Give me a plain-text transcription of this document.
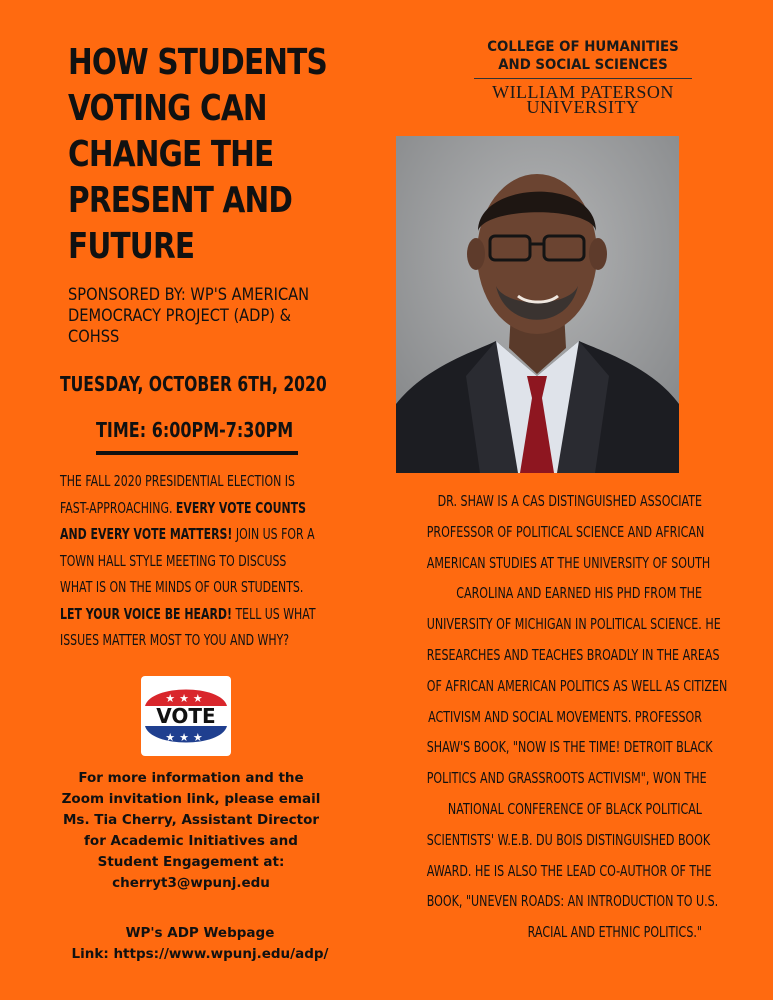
HOW STUDENTS
VOTING CAN
CHANGE THE
PRESENT AND
FUTURE
SPONSORED BY: WP'S AMERICAN
DEMOCRACY PROJECT (ADP) &
COHSS
TUESDAY, OCTOBER 6TH, 2020
TIME: 6:00PM-7:30PM
THE FALL 2020 PRESIDENTIAL ELECTION IS
FAST-APPROACHING. EVERY VOTE COUNTS
AND EVERY VOTE MATTERS! JOIN US FOR A
TOWN HALL STYLE MEETING TO DISCUSS
WHAT IS ON THE MINDS OF OUR STUDENTS.
LET YOUR VOICE BE HEARD! TELL US WHAT
ISSUES MATTER MOST TO YOU AND WHY?
★★★
VOTE
★★★
For more information and the
Zoom invitation link, please email
Ms. Tia Cherry, Assistant Director
for Academic Initiatives and
Student Engagement at:
cherryt3@wpunj.edu
WP's ADP Webpage
Link: https://www.wpunj.edu/adp/
COLLEGE OF HUMANITIES
AND SOCIAL SCIENCES
WILLIAM PATERSON
UNIVERSITY
DR. SHAW IS A CAS DISTINGUISHED ASSOCIATE
PROFESSOR OF POLITICAL SCIENCE AND AFRICAN
AMERICAN STUDIES AT THE UNIVERSITY OF SOUTH
CAROLINA AND EARNED HIS PHD FROM THE
UNIVERSITY OF MICHIGAN IN POLITICAL SCIENCE. HE
RESEARCHES AND TEACHES BROADLY IN THE AREAS
OF AFRICAN AMERICAN POLITICS AS WELL AS CITIZEN
ACTIVISM AND SOCIAL MOVEMENTS. PROFESSOR
SHAW'S BOOK, "NOW IS THE TIME! DETROIT BLACK
POLITICS AND GRASSROOTS ACTIVISM", WON THE
NATIONAL CONFERENCE OF BLACK POLITICAL
SCIENTISTS' W.E.B. DU BOIS DISTINGUISHED BOOK
AWARD. HE IS ALSO THE LEAD CO-AUTHOR OF THE
BOOK, "UNEVEN ROADS: AN INTRODUCTION TO U.S.
RACIAL AND ETHNIC POLITICS."
